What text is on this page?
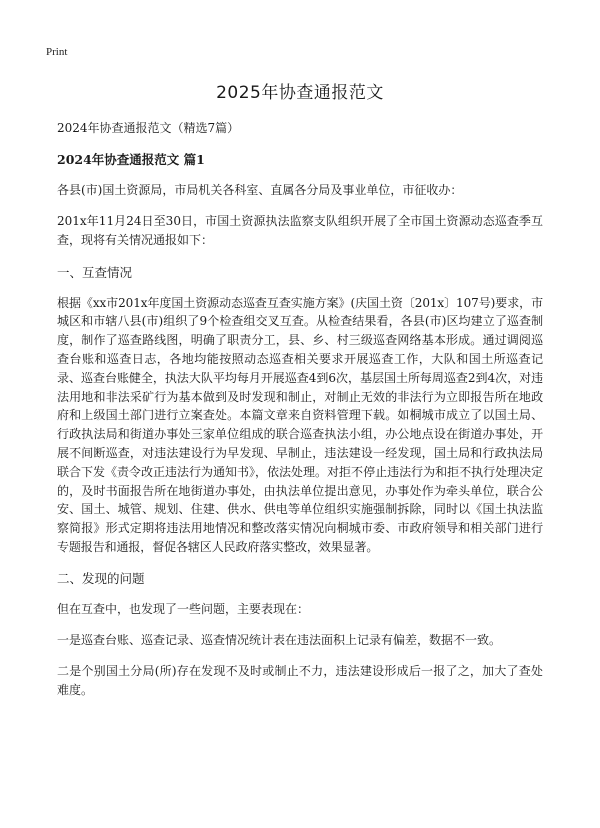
Print
2025年协查通报范文

2024年协查通报范文（精选7篇）

2024年协查通报范文 篇1

各县(市)国土资源局，市局机关各科室、直属各分局及事业单位，市征收办：

201x年11月24日至30日，市国土资源执法监察支队组织开展了全市国土资源动态巡查季互查，现将有关情况通报如下：

一、互查情况

根据《xx市201x年度国土资源动态巡查互查实施方案》(庆国土资〔201x〕107号)要求，市城区和市辖八县(市)组织了9个检查组交叉互查。从检查结果看，各县(市)区均建立了巡查制度，制作了巡查路线图，明确了职责分工，县、乡、村三级巡查网络基本形成。通过调阅巡查台账和巡查日志，各地均能按照动态巡查相关要求开展巡查工作，大队和国土所巡查记录、巡查台账健全，执法大队平均每月开展巡查4到6次，基层国土所每周巡查2到4次，对违法用地和非法采矿行为基本做到及时发现和制止，对制止无效的非法行为立即报告所在地政府和上级国土部门进行立案查处。本篇文章来自资料管理下载。如桐城市成立了以国土局、行政执法局和街道办事处三家单位组成的联合巡查执法小组，办公地点设在街道办事处，开展不间断巡查，对违法建设行为早发现、早制止，违法建设一经发现，国土局和行政执法局联合下发《责令改正违法行为通知书》，依法处理。对拒不停止违法行为和拒不执行处理决定的，及时书面报告所在地街道办事处，由执法单位提出意见，办事处作为牵头单位，联合公安、国土、城管、规划、住建、供水、供电等单位组织实施强制拆除，同时以《国土执法监察简报》形式定期将违法用地情况和整改落实情况向桐城市委、市政府领导和相关部门进行专题报告和通报，督促各辖区人民政府落实整改，效果显著。

二、发现的问题

但在互查中，也发现了一些问题，主要表现在：

一是巡查台账、巡查记录、巡查情况统计表在违法面积上记录有偏差，数据不一致。

二是个别国土分局(所)存在发现不及时或制止不力，违法建设形成后一报了之，加大了查处难度。
